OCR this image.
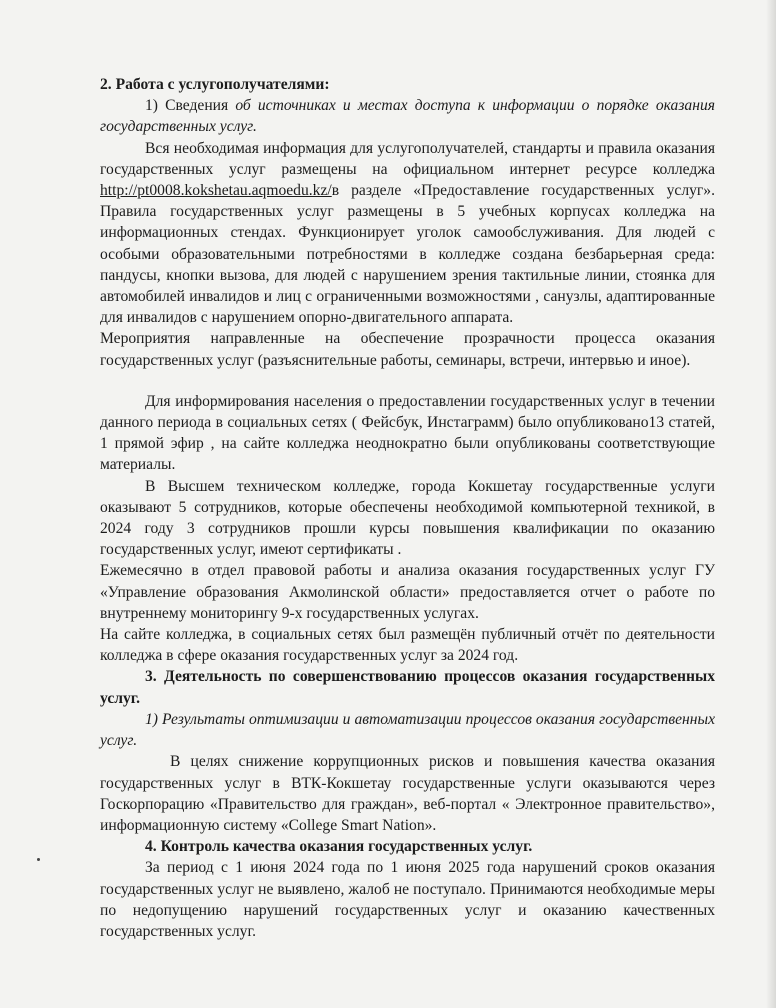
2. Работа с услугополучателями:

1) Сведения об источниках и местах доступа к информации о порядке оказания государственных услуг.

Вся необходимая информация для услугополучателей, стандарты и правила оказания государственных услуг размещены на официальном интернет ресурсе колледжа http://pt0008.kokshetau.aqmoedu.kz/в разделе «Предоставление государственных услуг». Правила государственных услуг размещены в 5 учебных корпусах колледжа на информационных стендах. Функционирует уголок самообслуживания. Для людей с особыми образовательными потребностями в колледже создана безбарьерная среда: пандусы, кнопки вызова, для людей с нарушением зрения тактильные линии, стоянка для автомобилей инвалидов и лиц с ограниченными возможностями , санузлы, адаптированные для инвалидов с нарушением опорно-двигательного аппарата.

Мероприятия направленные на обеспечение прозрачности процесса оказания государственных услуг (разъяснительные работы, семинары, встречи, интервью и иное).

Для информирования населения о предоставлении государственных услуг в течении данного периода в социальных сетях ( Фейсбук, Инстаграмм) было опубликовано13 статей, 1 прямой эфир , на сайте колледжа неоднократно были опубликованы соответствующие материалы.

В Высшем техническом колледже, города Кокшетау государственные услуги оказывают 5 сотрудников, которые обеспечены необходимой компьютерной техникой, в 2024 году 3 сотрудников прошли курсы повышения квалификации по оказанию государственных услуг, имеют сертификаты .

Ежемесячно в отдел правовой работы и анализа оказания государственных услуг ГУ «Управление образования Акмолинской области» предоставляется отчет о работе по внутреннему мониторингу 9-х государственных услугах.

На сайте колледжа, в социальных сетях был размещён публичный отчёт по деятельности колледжа в сфере оказания государственных услуг за 2024 год.

3. Деятельность по совершенствованию процессов оказания государственных услуг.

1) Результаты оптимизации и автоматизации процессов оказания государственных услуг.

В целях снижение коррупционных рисков и повышения качества оказания государственных услуг в ВТК-Кокшетау государственные услуги оказываются через Госкорпорацию «Правительство для граждан», веб-портал « Электронное правительство», информационную систему «College Smart Nation».

4. Контроль качества оказания государственных услуг.

За период с 1 июня 2024 года по 1 июня 2025 года нарушений сроков оказания государственных услуг не выявлено, жалоб не поступало. Принимаются необходимые меры по недопущению нарушений государственных услуг и оказанию качественных государственных услуг.
